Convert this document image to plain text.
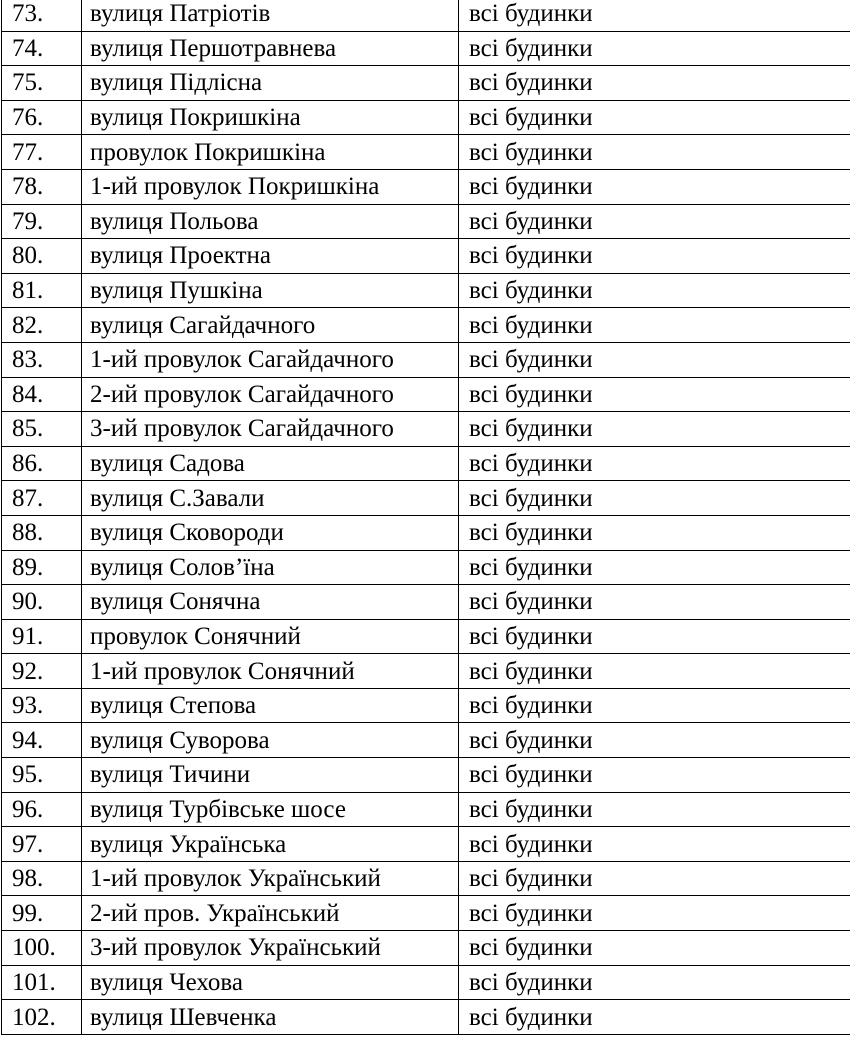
73.	вулиця Патріотів	всі будинки
74.	вулиця Першотравнева	всі будинки
75.	вулиця Підлісна	всі будинки
76.	вулиця Покришкіна	всі будинки
77.	провулок Покришкіна	всі будинки
78.	1-ий провулок Покришкіна	всі будинки
79.	вулиця Польова	всі будинки
80.	вулиця Проектна	всі будинки
81.	вулиця Пушкіна	всі будинки
82.	вулиця Сагайдачного	всі будинки
83.	1-ий провулок Сагайдачного	всі будинки
84.	2-ий провулок Сагайдачного	всі будинки
85.	3-ий провулок Сагайдачного	всі будинки
86.	вулиця Садова	всі будинки
87.	вулиця С.Завали	всі будинки
88.	вулиця Сковороди	всі будинки
89.	вулиця Солов’їна	всі будинки
90.	вулиця Сонячна	всі будинки
91.	провулок Сонячний	всі будинки
92.	1-ий провулок Сонячний	всі будинки
93.	вулиця Степова	всі будинки
94.	вулиця Суворова	всі будинки
95.	вулиця Тичини	всі будинки
96.	вулиця Турбівське шосе	всі будинки
97.	вулиця Українська	всі будинки
98.	1-ий провулок Український	всі будинки
99.	2-ий пров. Український	всі будинки
100.	3-ий провулок Український	всі будинки
101.	вулиця Чехова	всі будинки
102.	вулиця Шевченка	всі будинки
